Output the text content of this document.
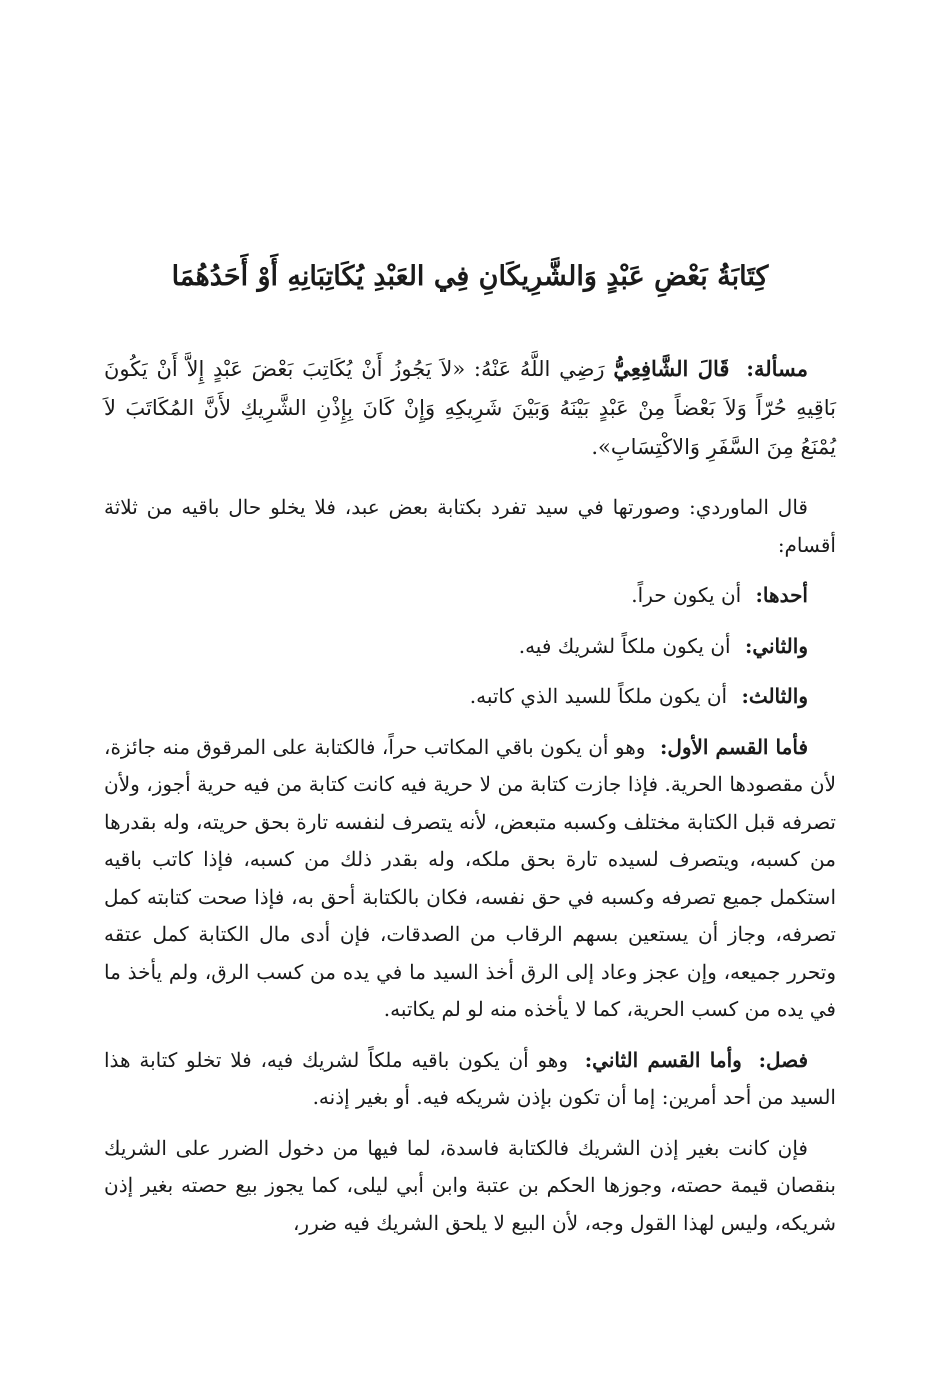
كِتَابَةُ بَعْضِ عَبْدٍ وَالشَّرِيكَانِ فِي العَبْدِ يُكَاتِبَانِهِ أَوْ أَحَدُهُمَا

مسألة: قَالَ الشَّافِعِيُّ رَضِي اللَّهُ عَنْهُ: «لاَ يَجُوزُ أَنْ يُكَاتِبَ بَعْضَ عَبْدٍ إِلاَّ أَنْ يَكُونَ بَاقِيهِ حُرّاً وَلاَ بَعْضاً مِنْ عَبْدٍ بَيْنَهُ وَبَيْنَ شَرِيكِهِ وَإِنْ كَانَ بِإِذْنِ الشَّرِيكِ لأَنَّ المُكَاتَبَ لاَ يُمْنَعُ مِنَ السَّفَرِ وَالاكْتِسَابِ».

قال الماوردي: وصورتها في سيد تفرد بكتابة بعض عبد، فلا يخلو حال باقيه من ثلاثة أقسام:

أحدها: أن يكون حراً.

والثاني: أن يكون ملكاً لشريك فيه.

والثالث: أن يكون ملكاً للسيد الذي كاتبه.

فأما القسم الأول: وهو أن يكون باقي المكاتب حراً، فالكتابة على المرقوق منه جائزة، لأن مقصودها الحرية. فإذا جازت كتابة من لا حرية فيه كانت كتابة من فيه حرية أجوز، ولأن تصرفه قبل الكتابة مختلف وكسبه متبعض، لأنه يتصرف لنفسه تارة بحق حريته، وله بقدرها من كسبه، ويتصرف لسيده تارة بحق ملكه، وله بقدر ذلك من كسبه، فإذا كاتب باقيه استكمل جميع تصرفه وكسبه في حق نفسه، فكان بالكتابة أحق به، فإذا صحت كتابته كمل تصرفه، وجاز أن يستعين بسهم الرقاب من الصدقات، فإن أدى مال الكتابة كمل عتقه وتحرر جميعه، وإن عجز وعاد إلى الرق أخذ السيد ما في يده من كسب الرق، ولم يأخذ ما في يده من كسب الحرية، كما لا يأخذه منه لو لم يكاتبه.

فصل: وأما القسم الثاني: وهو أن يكون باقيه ملكاً لشريك فيه، فلا تخلو كتابة هذا السيد من أحد أمرين: إما أن تكون بإذن شريكه فيه. أو بغير إذنه.

فإن كانت بغير إذن الشريك فالكتابة فاسدة، لما فيها من دخول الضرر على الشريك بنقصان قيمة حصته، وجوزها الحكم بن عتبة وابن أبي ليلى، كما يجوز بيع حصته بغير إذن شريكه، وليس لهذا القول وجه، لأن البيع لا يلحق الشريك فيه ضرر،
